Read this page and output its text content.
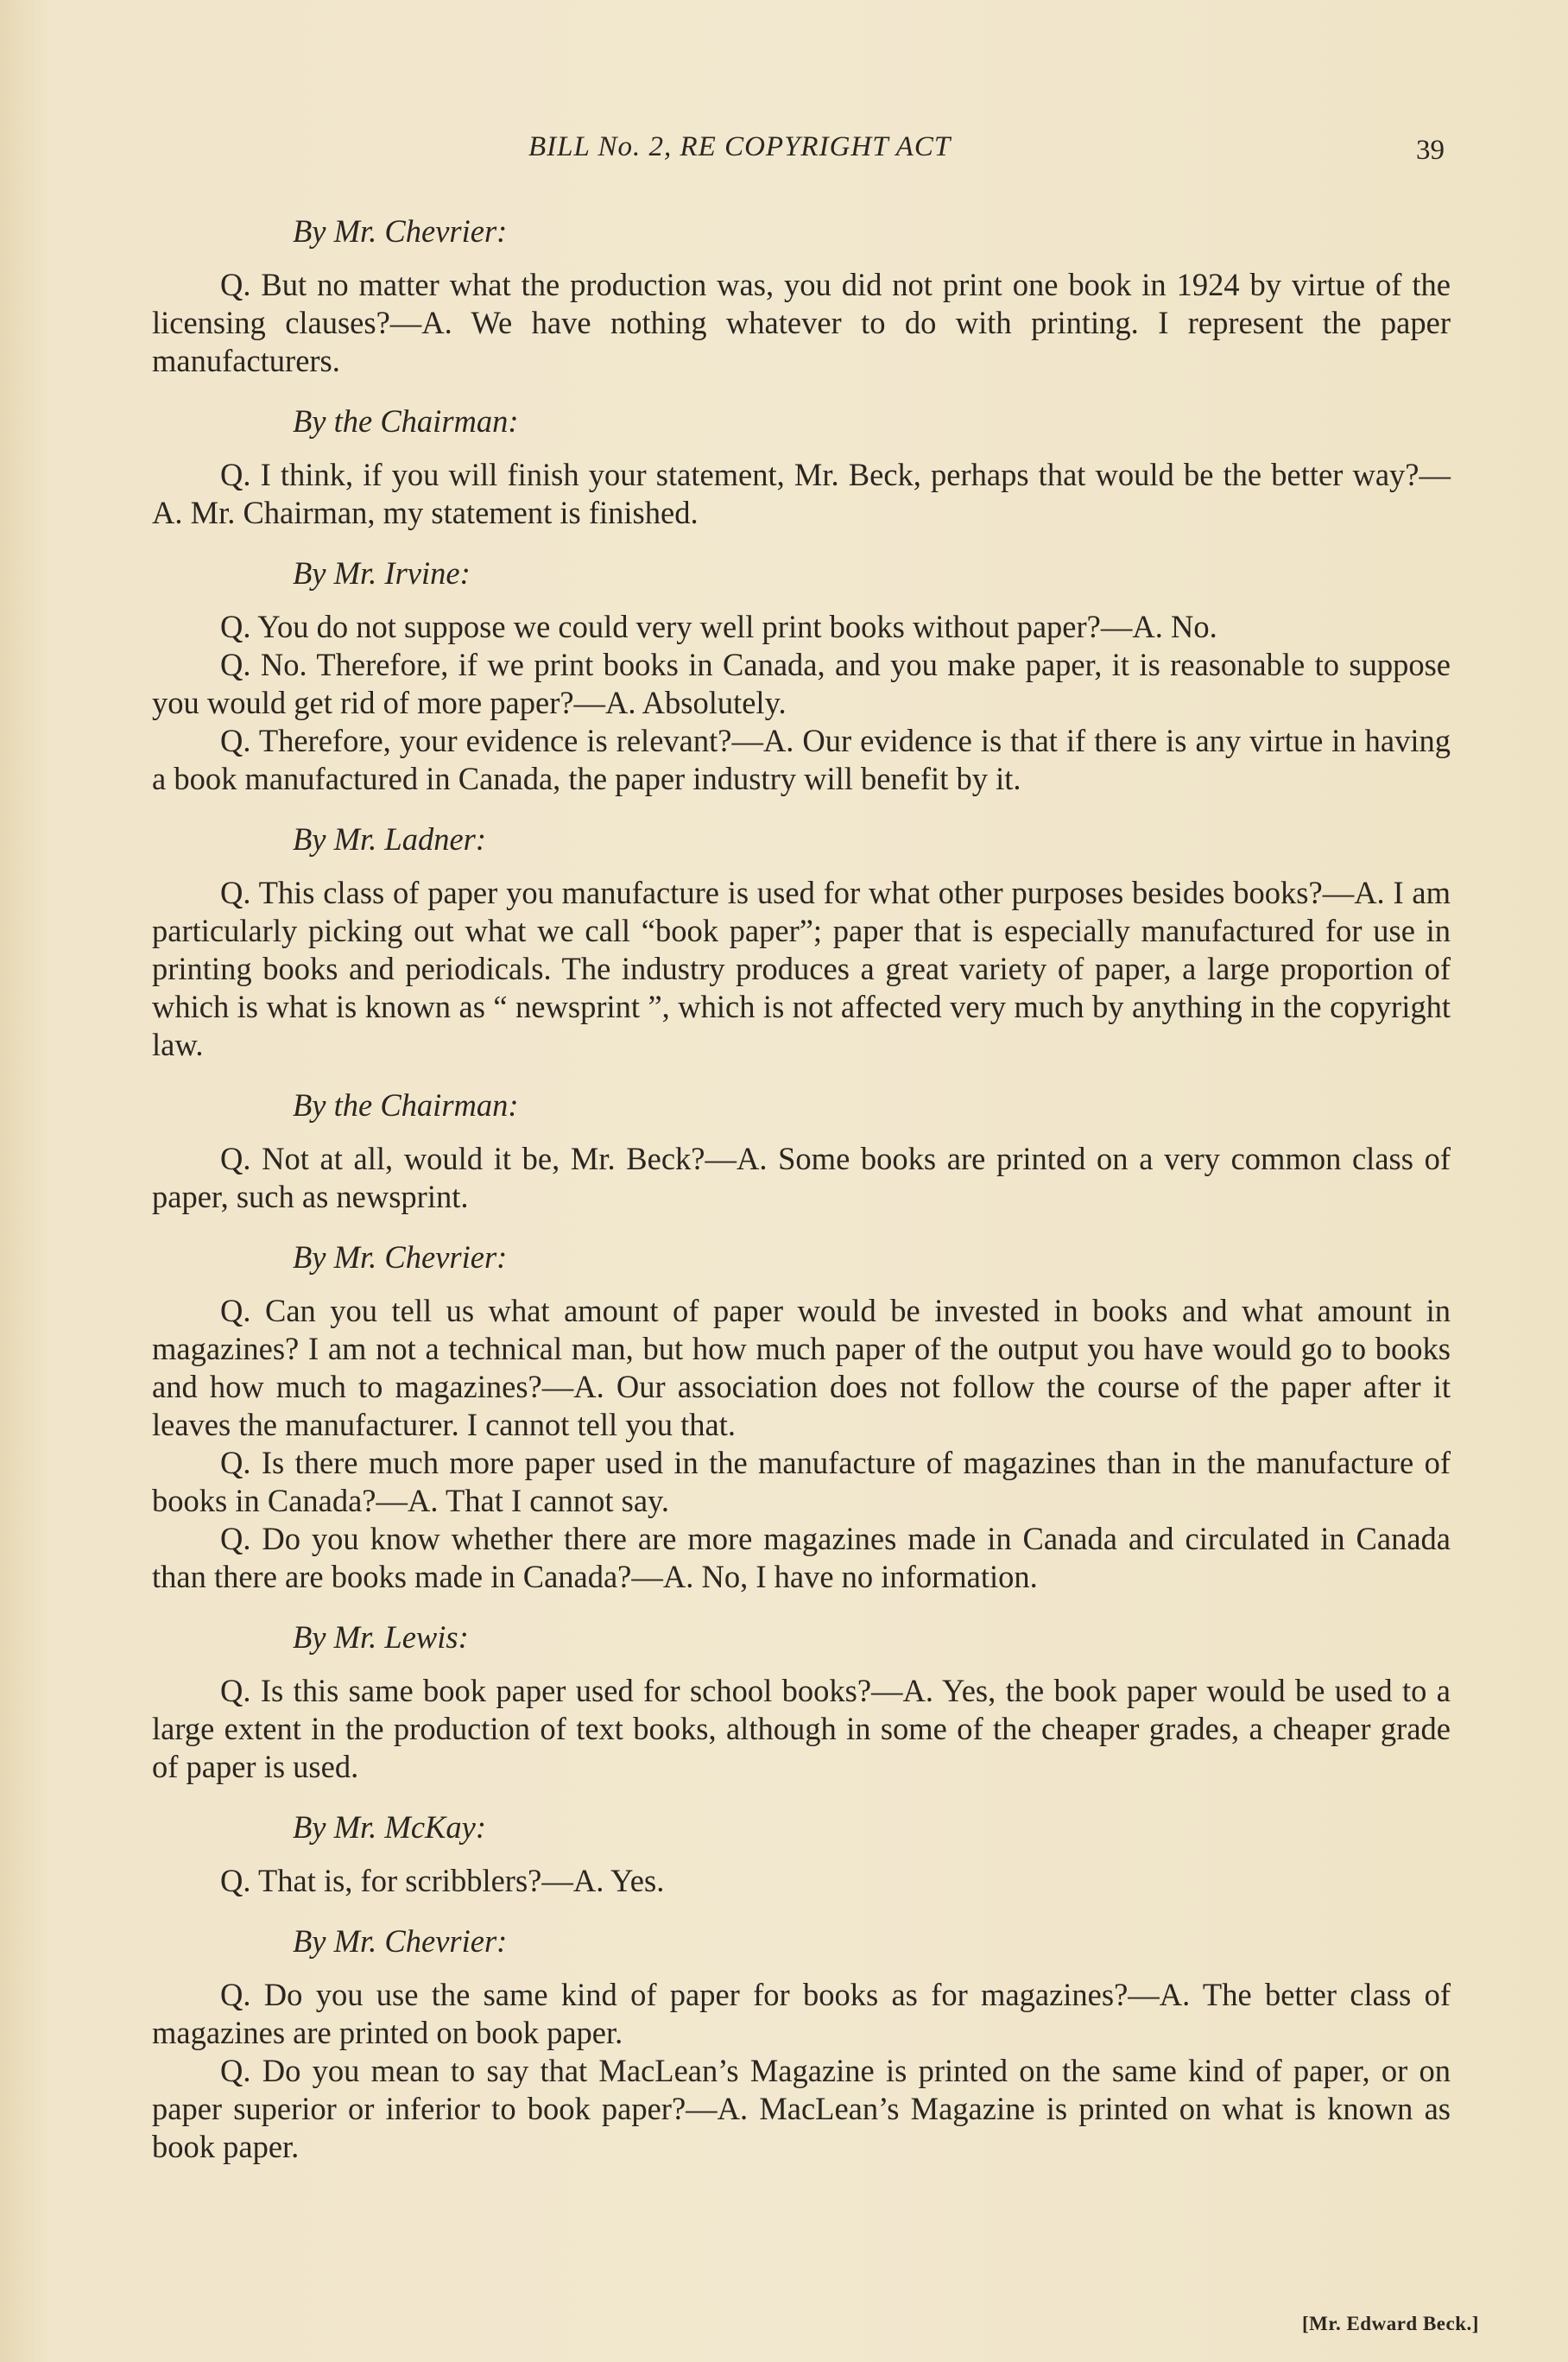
BILL No. 2, RE COPYRIGHT ACT	39
By Mr. Chevrier:

Q. But no matter what the production was, you did not print one book in 1924 by virtue of the licensing clauses?—A. We have nothing whatever to do with printing. I represent the paper manufacturers.

By the Chairman:

Q. I think, if you will finish your statement, Mr. Beck, perhaps that would be the better way?—A. Mr. Chairman, my statement is finished.

By Mr. Irvine:

Q. You do not suppose we could very well print books without paper?—A. No.

Q. No. Therefore, if we print books in Canada, and you make paper, it is reasonable to suppose you would get rid of more paper?—A. Absolutely.

Q. Therefore, your evidence is relevant?—A. Our evidence is that if there is any virtue in having a book manufactured in Canada, the paper industry will benefit by it.

By Mr. Ladner:

Q. This class of paper you manufacture is used for what other purposes besides books?—A. I am particularly picking out what we call “book paper”; paper that is especially manufactured for use in printing books and periodicals. The industry produces a great variety of paper, a large proportion of which is what is known as “ newsprint ”, which is not affected very much by anything in the copyright law.

By the Chairman:

Q. Not at all, would it be, Mr. Beck?—A. Some books are printed on a very common class of paper, such as newsprint.

By Mr. Chevrier:

Q. Can you tell us what amount of paper would be invested in books and what amount in magazines? I am not a technical man, but how much paper of the output you have would go to books and how much to magazines?—A. Our association does not follow the course of the paper after it leaves the manufacturer. I cannot tell you that.

Q. Is there much more paper used in the manufacture of magazines than in the manufacture of books in Canada?—A. That I cannot say.

Q. Do you know whether there are more magazines made in Canada and circulated in Canada than there are books made in Canada?—A. No, I have no information.

By Mr. Lewis:

Q. Is this same book paper used for school books?—A. Yes, the book paper would be used to a large extent in the production of text books, although in some of the cheaper grades, a cheaper grade of paper is used.

By Mr. McKay:

Q. That is, for scribblers?—A. Yes.

By Mr. Chevrier:

Q. Do you use the same kind of paper for books as for magazines?—A. The better class of magazines are printed on book paper.

Q. Do you mean to say that MacLean’s Magazine is printed on the same kind of paper, or on paper superior or inferior to book paper?—A. MacLean’s Magazine is printed on what is known as book paper.

[Mr. Edward Beck.]
